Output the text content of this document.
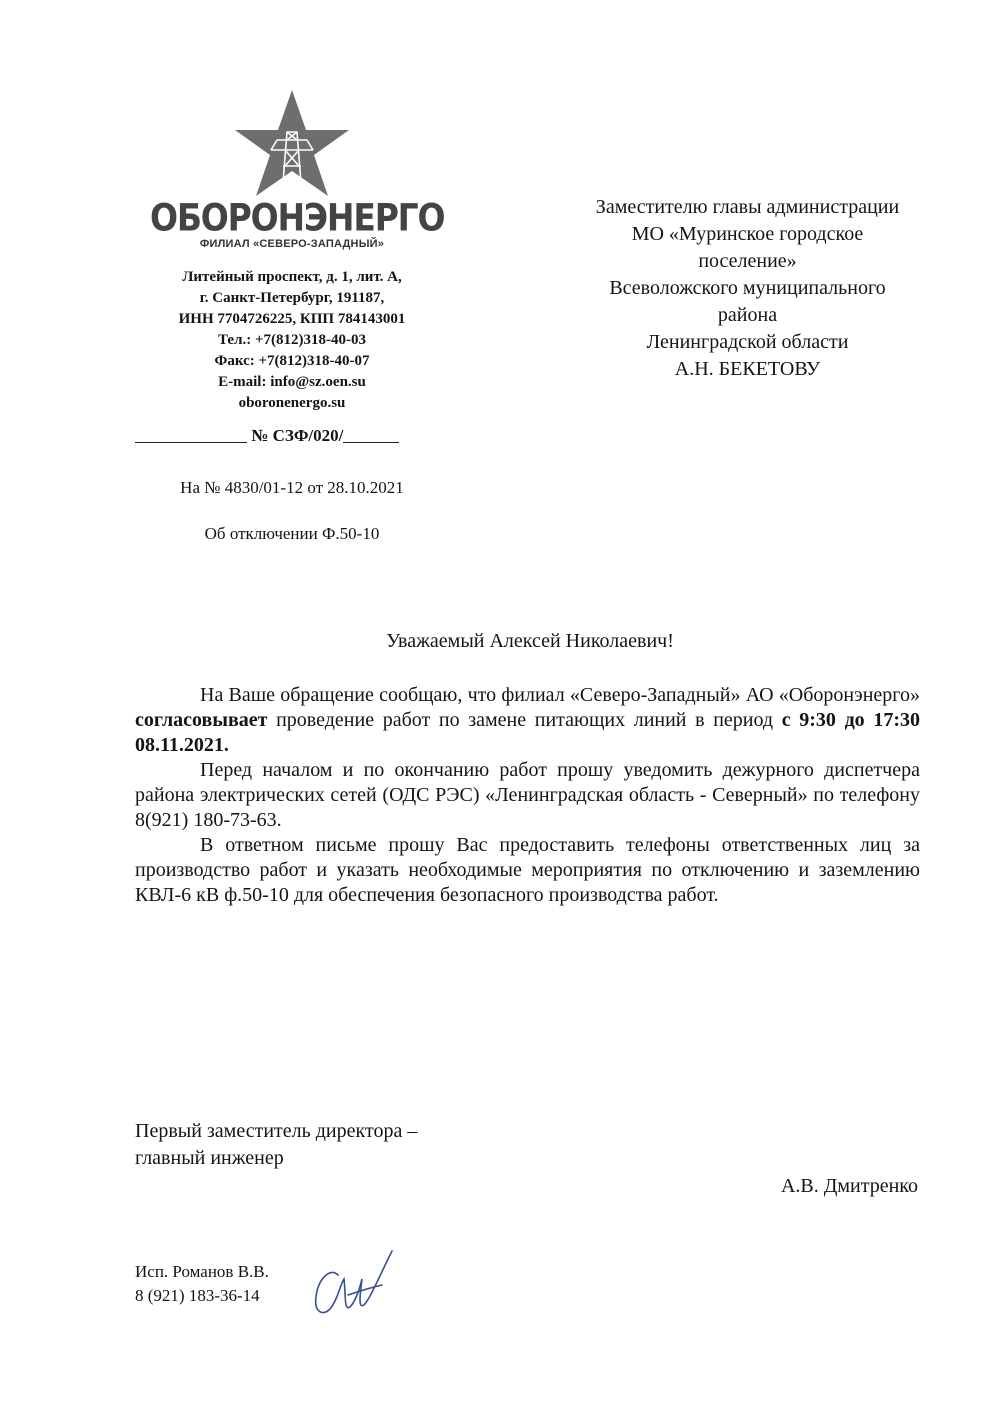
ОБОРОНЭНЕРГО
ФИЛИАЛ «СЕВЕРО-ЗАПАДНЫЙ»
Литейный проспект, д. 1, лит. А,
г. Санкт-Петербург, 191187,
ИНН 7704726225, КПП 784143001
Тел.: +7(812)318-40-03
Факс: +7(812)318-40-07
E-mail: info@sz.oen.su
oboronenergo.su
№ СЗФ/020/
На № 4830/01-12 от 28.10.2021
Об отключении Ф.50-10
Заместителю главы администрации
МО «Муринское городское
поселение»
Всеволожского муниципального
района
Ленинградской области
А.Н. БЕКЕТОВУ
Уважаемый Алексей Николаевич!

На Ваше обращение сообщаю, что филиал «Северо-Западный» АО «Оборонэнерго» согласовывает проведение работ по замене питающих линий в период с 9:30 до 17:30 08.11.2021.

Перед началом и по окончанию работ прошу уведомить дежурного диспетчера района электрических сетей (ОДС РЭС) «Ленинградская область - Северный» по телефону 8(921) 180-73-63.

В ответном письме прошу Вас предоставить телефоны ответственных лиц за производство работ и указать необходимые мероприятия по отключению и заземлению КВЛ-6 кВ ф.50-10 для обеспечения безопасного производства работ.

Первый заместитель директора –
главный инженер
А.В. Дмитренко
Исп. Романов В.В.
8 (921) 183-36-14
